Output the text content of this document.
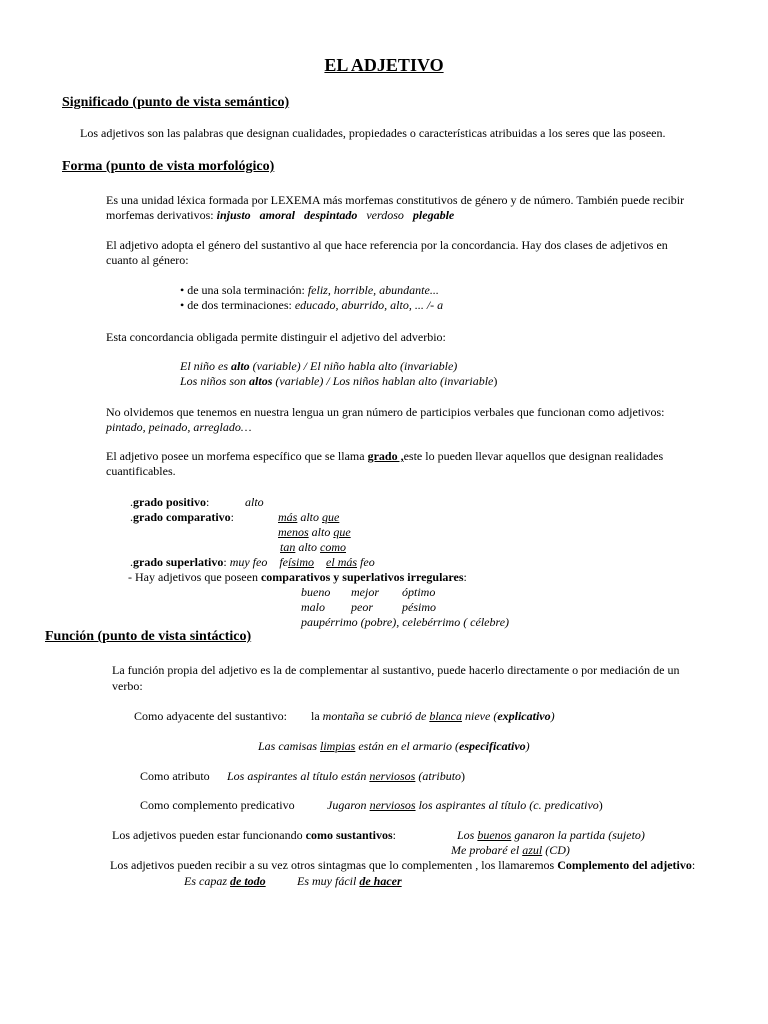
EL ADJETIVO
Significado (punto de vista semántico)
Los adjetivos son las palabras que designan cualidades, propiedades o características atribuidas a los seres que las poseen.
Forma (punto de vista morfológico)
Es una unidad léxica formada por LEXEMA más morfemas constitutivos de género y de número. También puede recibir
morfemas derivativos: injusto amoral despintado verdoso plegable
El adjetivo adopta el género del sustantivo al que hace referencia por la concordancia. Hay dos clases de adjetivos en
cuanto al género:
• de una sola terminación: feliz, horrible, abundante...
• de dos terminaciones: educado, aburrido, alto, ... /- a
Esta concordancia obligada permite distinguir el adjetivo del adverbio:
El niño es alto (variable) / El niño habla alto (invariable)
Los niños son altos (variable) / Los niños hablan alto (invariable)
No olvidemos que tenemos en nuestra lengua un gran número de participios verbales que funcionan como adjetivos:
pintado, peinado, arreglado…
El adjetivo posee un morfema específico que se llama grado ,este lo pueden llevar aquellos que designan realidades
cuantificables.
.grado positivo:	alto
.grado comparativo:	más alto que
menos alto que
tan alto como
.grado superlativo: muy feo feísimo el más feo
- Hay adjetivos que poseen comparativos y superlativos irregulares:
bueno mejor óptimo
malo peor pésimo
paupérrimo (pobre), celebérrimo ( célebre)
Función (punto de vista sintáctico)
La función propia del adjetivo es la de complementar al sustantivo, puede hacerlo directamente o por mediación de un
verbo:
Como adyacente del sustantivo: la montaña se cubrió de blanca nieve (explicativo)
Las camisas limpias están en el armario (especificativo)
Como atributo Los aspirantes al título están nerviosos (atributo)
Como complemento predicativo	Jugaron nerviosos los aspirantes al título (c. predicativo)
Los adjetivos pueden estar funcionando como sustantivos:	Los buenos ganaron la partida (sujeto)
Me probaré el azul (CD)
Los adjetivos pueden recibir a su vez otros sintagmas que lo complementen , los llamaremos Complemento del adjetivo:
Es capaz de todo	Es muy fácil de hacer
